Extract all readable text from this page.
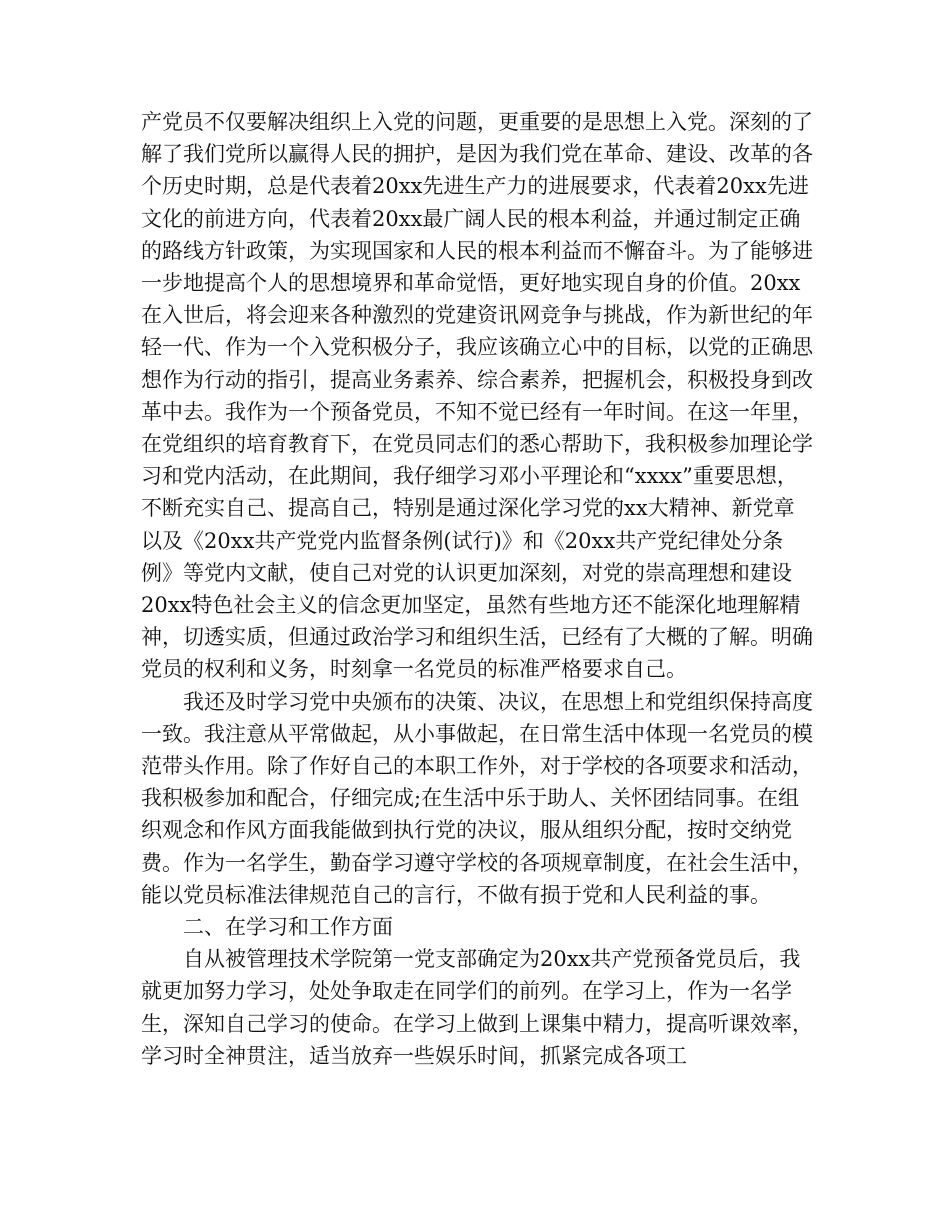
产党员不仅要解决组织上入党的问题，更重要的是思想上入党。深刻的了解了我们党所以赢得人民的拥护，是因为我们党在革命、建设、改革的各个历史时期，总是代表着20xx先进生产力的进展要求，代表着20xx先进文化的前进方向，代表着20xx最广阔人民的根本利益，并通过制定正确的路线方针政策，为实现国家和人民的根本利益而不懈奋斗。为了能够进一步地提高个人的思想境界和革命觉悟，更好地实现自身的价值。20xx在入世后，将会迎来各种激烈的党建资讯网竞争与挑战，作为新世纪的年轻一代、作为一个入党积极分子，我应该确立心中的目标，以党的正确思想作为行动的指引，提高业务素养、综合素养，把握机会，积极投身到改革中去。我作为一个预备党员，不知不觉已经有一年时间。在这一年里，在党组织的培育教育下，在党员同志们的悉心帮助下，我积极参加理论学习和党内活动，在此期间，我仔细学习邓小平理论和“xxxx”重要思想，不断充实自己、提高自己，特别是通过深化学习党的xx大精神、新党章以及《20xx共产党党内监督条例(试行)》和《20xx共产党纪律处分条例》等党内文献，使自己对党的认识更加深刻，对党的崇高理想和建设20xx特色社会主义的信念更加坚定，虽然有些地方还不能深化地理解精神，切透实质，但通过政治学习和组织生活，已经有了大概的了解。明确党员的权利和义务，时刻拿一名党员的标准严格要求自己。

我还及时学习党中央颁布的决策、决议，在思想上和党组织保持高度一致。我注意从平常做起，从小事做起，在日常生活中体现一名党员的模范带头作用。除了作好自己的本职工作外，对于学校的各项要求和活动，我积极参加和配合，仔细完成;在生活中乐于助人、关怀团结同事。在组织观念和作风方面我能做到执行党的决议，服从组织分配，按时交纳党费。作为一名学生，勤奋学习遵守学校的各项规章制度，在社会生活中，能以党员标准法律规范自己的言行，不做有损于党和人民利益的事。

二、在学习和工作方面

自从被管理技术学院第一党支部确定为20xx共产党预备党员后，我就更加努力学习，处处争取走在同学们的前列。在学习上，作为一名学生，深知自己学习的使命。在学习上做到上课集中精力，提高听课效率，学习时全神贯注，适当放弃一些娱乐时间，抓紧完成各项工
